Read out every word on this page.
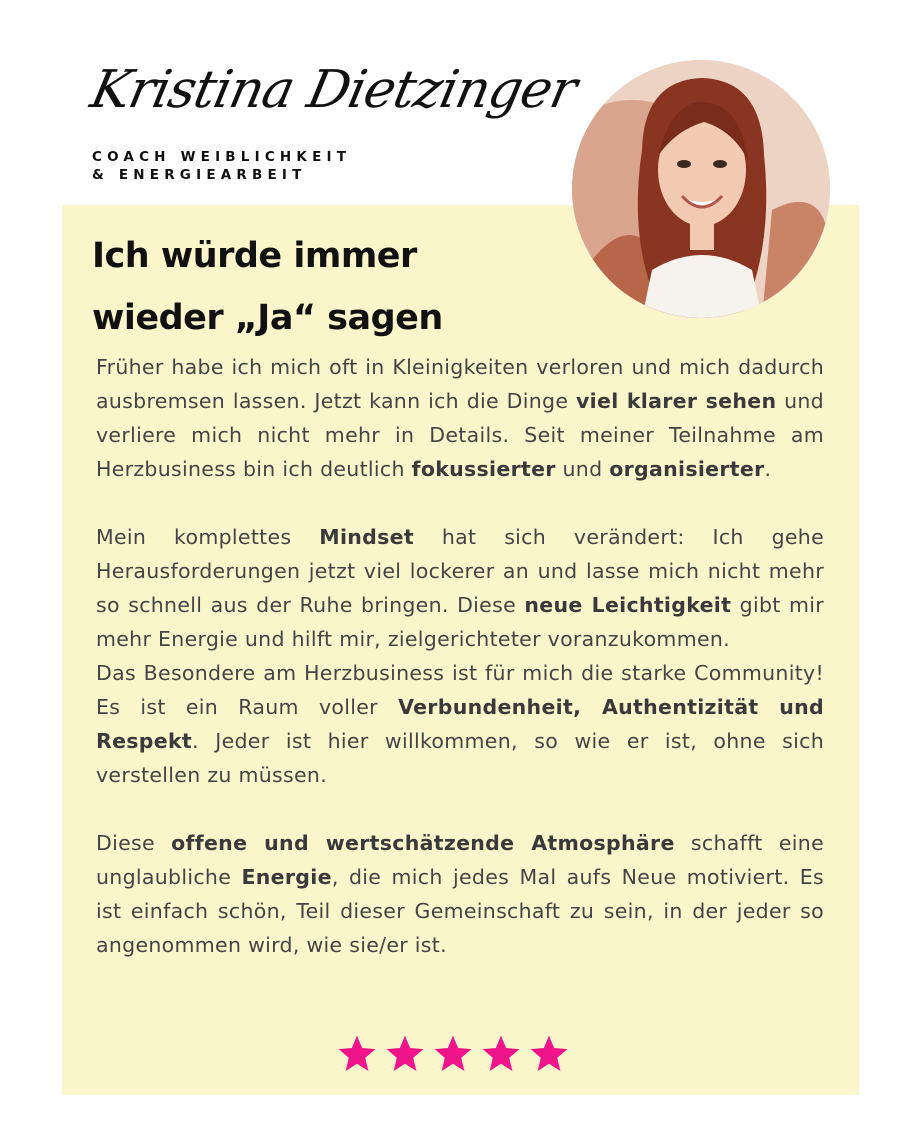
Kristina Dietzinger
COACH WEIBLICHKEIT
& ENERGIEARBEIT
Ich würde immer
wieder „Ja“ sagen

Früher habe ich mich oft in Kleinigkeiten verloren und mich dadurch ausbremsen lassen. Jetzt kann ich die Dinge viel klarer sehen und verliere mich nicht mehr in Details. Seit meiner Teilnahme am Herzbusiness bin ich deutlich fokussierter und organisierter.

Mein komplettes Mindset hat sich verändert: Ich gehe Herausforderungen jetzt viel lockerer an und lasse mich nicht mehr so schnell aus der Ruhe bringen. Diese neue Leichtigkeit gibt mir mehr Energie und hilft mir, zielgerichteter voranzukommen.

Das Besondere am Herzbusiness ist für mich die starke Community! Es ist ein Raum voller Verbundenheit, Authentizität und Respekt. Jeder ist hier willkommen, so wie er ist, ohne sich verstellen zu müssen.

Diese offene und wertschätzende Atmosphäre schafft eine unglaubliche Energie, die mich jedes Mal aufs Neue motiviert. Es ist einfach schön, Teil dieser Gemeinschaft zu sein, in der jeder so angenommen wird, wie sie/er ist.
